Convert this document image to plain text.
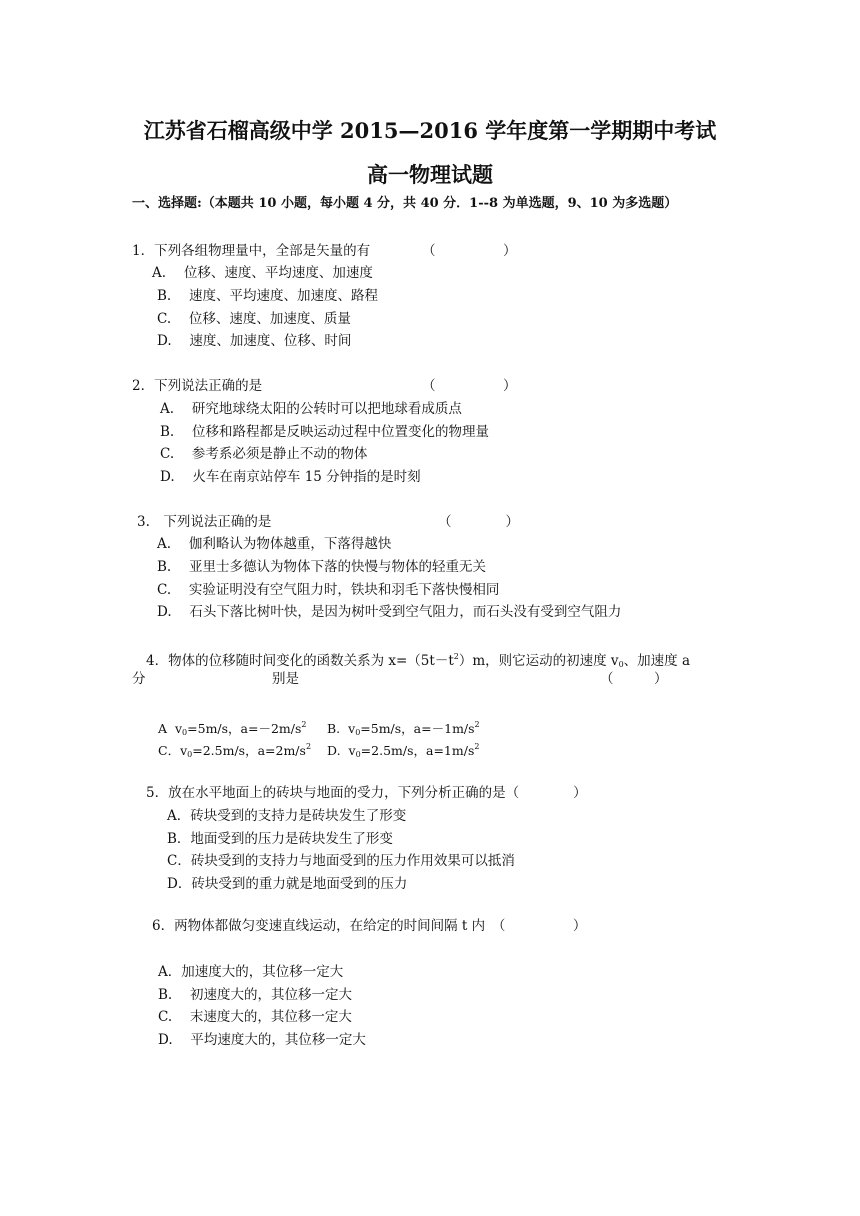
江苏省石榴高级中学 2015—2016 学年度第一学期期中考试
高一物理试题
一、选择题:（本题共 10 小题，每小题 4 分，共 40 分．1--8 为单选题，9、10 为多选题）
1．下列各组物理量中，全部是矢量的有	（　　　　　）
A.　 位移、速度、平均速度、加速度
B.　 速度、平均速度、加速度、路程
C.　 位移、速度、加速度、质量
D.　 速度、加速度、位移、时间
2．下列说法正确的是	（　　　　　）
A.　 研究地球绕太阳的公转时可以把地球看成质点
B.　 位移和路程都是反映运动过程中位置变化的物理量
C.　 参考系必须是静止不动的物体
D.　 火车在南京站停车 15 分钟指的是时刻
3.　下列说法正确的是	（　　　　）
A.　 伽利略认为物体越重，下落得越快
B.　 亚里士多德认为物体下落的快慢与物体的轻重无关
C.　 实验证明没有空气阻力时，铁块和羽毛下落快慢相同
D.　 石头下落比树叶快，是因为树叶受到空气阻力，而石头没有受到空气阻力
4．物体的位移随时间变化的函数关系为 $x=(5t-t^2)m$，则它运动的初速度 $v_0$、加速度 a
分	别是	（　　　）
A $v_0=5m/s$，$a=-2m/s^2$ B. $v_0=5m/s$，$a=-1m/s^2$
C．$v_0=2.5m/s$，$a=2m/s^2$ D. $v_0=2.5m/s$，$a=1m/s^2$
5．放在水平地面上的砖块与地面的受力，下列分析正确的是（　　　　）
A．砖块受到的支持力是砖块发生了形变
B．地面受到的压力是砖块发生了形变
C．砖块受到的支持力与地面受到的压力作用效果可以抵消
D．砖块受到的重力就是地面受到的压力
6．两物体都做匀变速直线运动，在给定的时间间隔 t 内　（　　　　　）
A．加速度大的，其位移一定大
B.　 初速度大的，其位移一定大
C.　 末速度大的，其位移一定大
D.　 平均速度大的，其位移一定大
